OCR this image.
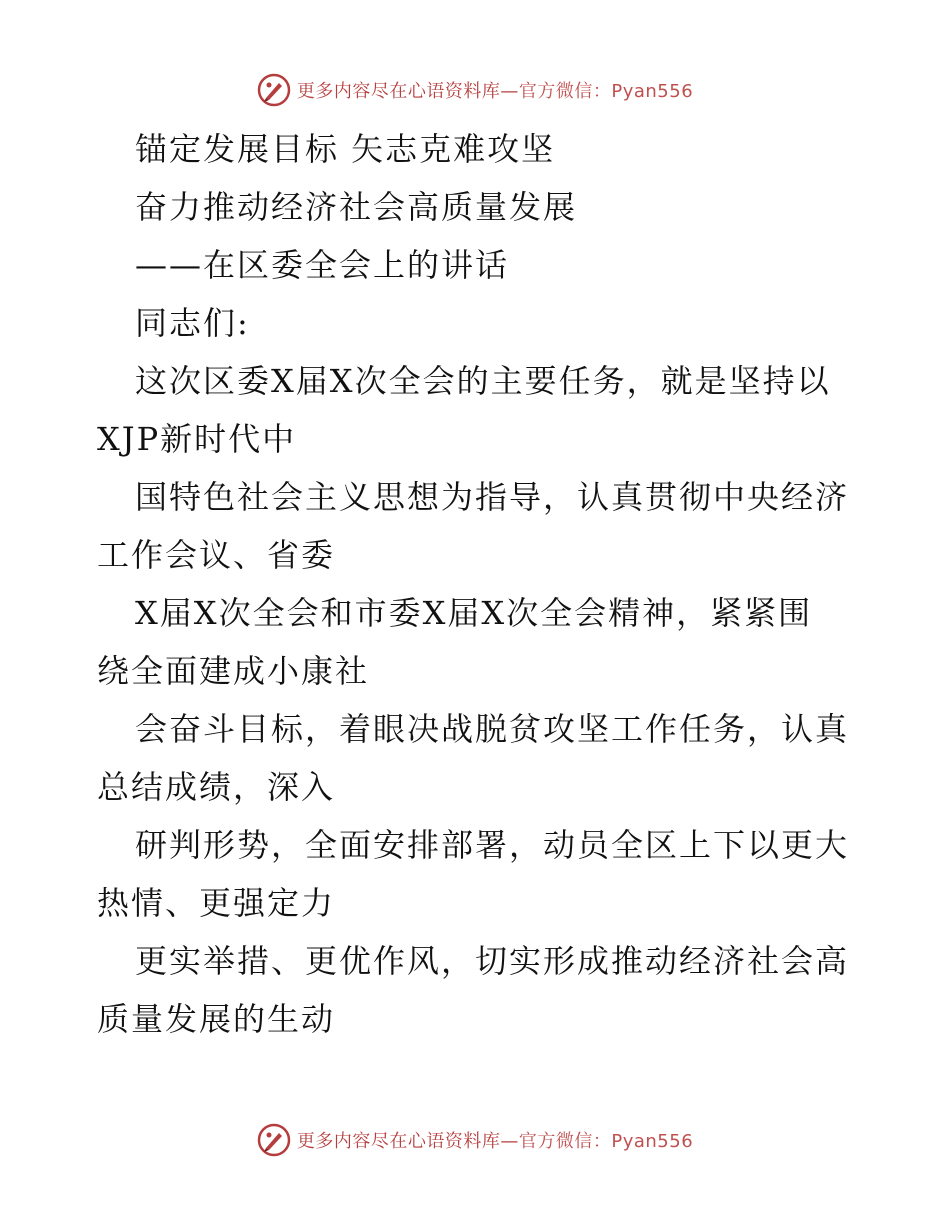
更多内容尽在心语资料库—官方微信：Pyan556
锚定发展目标 矢志克难攻坚
奋力推动经济社会高质量发展
——在区委全会上的讲话
同志们:
这次区委X届X次全会的主要任务，就是坚持以
XJP新时代中
国特色社会主义思想为指导，认真贯彻中央经济
工作会议、省委
X届X次全会和市委X届X次全会精神，紧紧围
绕全面建成小康社
会奋斗目标，着眼决战脱贫攻坚工作任务，认真
总结成绩，深入
研判形势，全面安排部署，动员全区上下以更大
热情、更强定力
更实举措、更优作风，切实形成推动经济社会高
质量发展的生动
更多内容尽在心语资料库—官方微信：Pyan556
